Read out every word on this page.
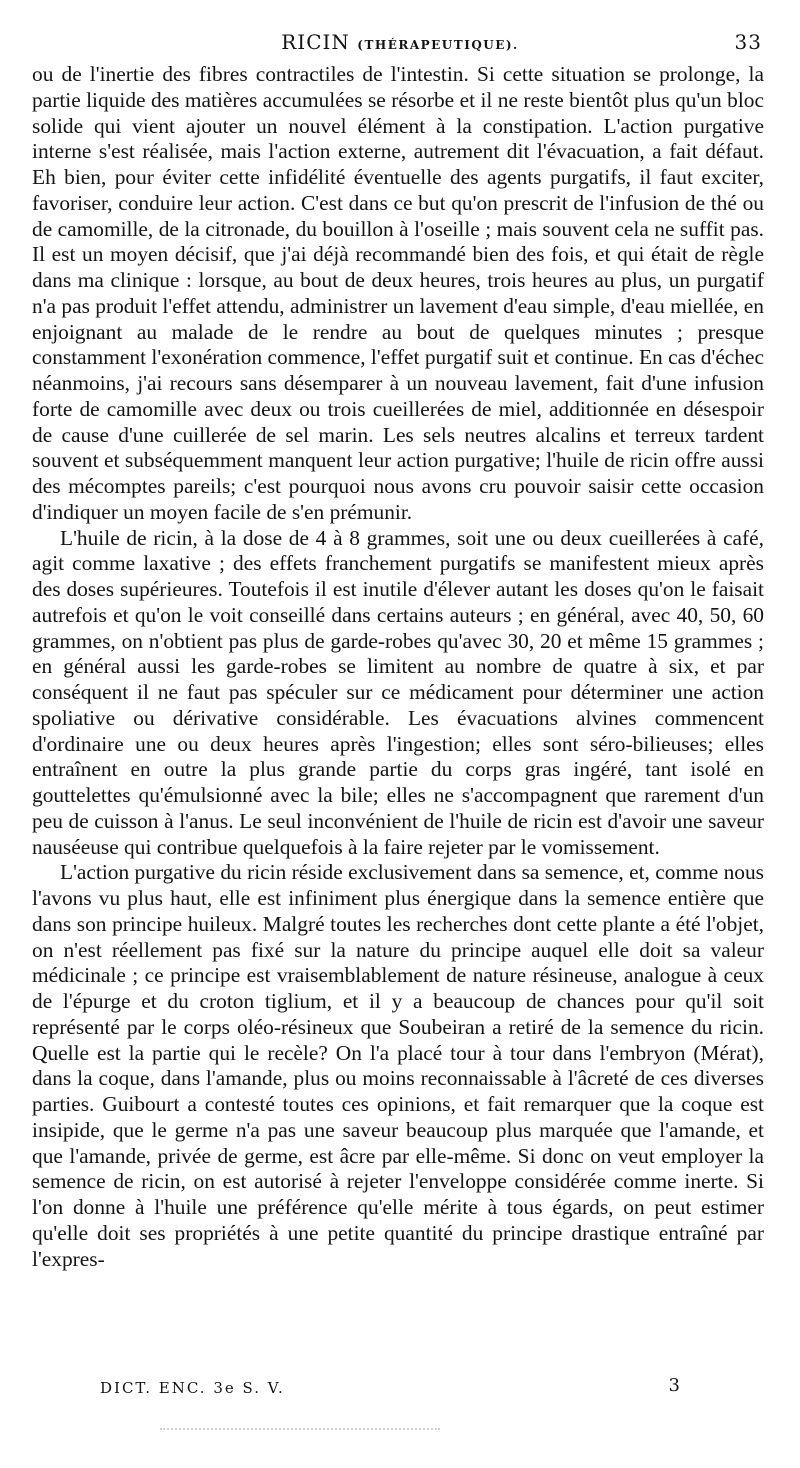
RICIN (THÉRAPEUTIQUE).	33

ou de l'inertie des fibres contractiles de l'intestin. Si cette situation se prolonge, la partie liquide des matières accumulées se résorbe et il ne reste bientôt plus qu'un bloc solide qui vient ajouter un nouvel élément à la constipation. L'action purgative interne s'est réalisée, mais l'action externe, autrement dit l'évacuation, a fait défaut. Eh bien, pour éviter cette infidélité éventuelle des agents purgatifs, il faut exciter, favoriser, conduire leur action. C'est dans ce but qu'on prescrit de l'infusion de thé ou de camomille, de la citronade, du bouillon à l'oseille ; mais souvent cela ne suffit pas. Il est un moyen décisif, que j'ai déjà recommandé bien des fois, et qui était de règle dans ma clinique : lorsque, au bout de deux heures, trois heures au plus, un purgatif n'a pas produit l'effet attendu, administrer un lavement d'eau simple, d'eau miellée, en enjoignant au malade de le rendre au bout de quelques minutes ; presque constamment l'exonération commence, l'effet purgatif suit et continue. En cas d'échec néanmoins, j'ai recours sans désemparer à un nouveau lavement, fait d'une infusion forte de camomille avec deux ou trois cueillerées de miel, additionnée en désespoir de cause d'une cuillerée de sel marin. Les sels neutres alcalins et terreux tardent souvent et subséquemment manquent leur action purgative; l'huile de ricin offre aussi des mécomptes pareils; c'est pourquoi nous avons cru pouvoir saisir cette occasion d'indiquer un moyen facile de s'en prémunir.

L'huile de ricin, à la dose de 4 à 8 grammes, soit une ou deux cueillerées à café, agit comme laxative ; des effets franchement purgatifs se manifestent mieux après des doses supérieures. Toutefois il est inutile d'élever autant les doses qu'on le faisait autrefois et qu'on le voit conseillé dans certains auteurs ; en général, avec 40, 50, 60 grammes, on n'obtient pas plus de garde-robes qu'avec 30, 20 et même 15 grammes ; en général aussi les garde-robes se limitent au nombre de quatre à six, et par conséquent il ne faut pas spéculer sur ce médicament pour déterminer une action spoliative ou dérivative considérable. Les évacuations alvines commencent d'ordinaire une ou deux heures après l'ingestion; elles sont séro-bilieuses; elles entraînent en outre la plus grande partie du corps gras ingéré, tant isolé en gouttelettes qu'émulsionné avec la bile; elles ne s'accompagnent que rarement d'un peu de cuisson à l'anus. Le seul inconvénient de l'huile de ricin est d'avoir une saveur nauséeuse qui contribue quelquefois à la faire rejeter par le vomissement.

L'action purgative du ricin réside exclusivement dans sa semence, et, comme nous l'avons vu plus haut, elle est infiniment plus énergique dans la semence entière que dans son principe huileux. Malgré toutes les recherches dont cette plante a été l'objet, on n'est réellement pas fixé sur la nature du principe auquel elle doit sa valeur médicinale ; ce principe est vraisemblablement de nature résineuse, analogue à ceux de l'épurge et du croton tiglium, et il y a beaucoup de chances pour qu'il soit représenté par le corps oléo-résineux que Soubeiran a retiré de la semence du ricin. Quelle est la partie qui le recèle? On l'a placé tour à tour dans l'embryon (Mérat), dans la coque, dans l'amande, plus ou moins reconnaissable à l'âcreté de ces diverses parties. Guibourt a contesté toutes ces opinions, et fait remarquer que la coque est insipide, que le germe n'a pas une saveur beaucoup plus marquée que l'amande, et que l'amande, privée de germe, est âcre par elle-même. Si donc on veut employer la semence de ricin, on est autorisé à rejeter l'enveloppe considérée comme inerte. Si l'on donne à l'huile une préférence qu'elle mérite à tous égards, on peut estimer qu'elle doit ses propriétés à une petite quantité du principe drastique entraîné par l'expres-

DICT. ENC. 3e S. V.	3
